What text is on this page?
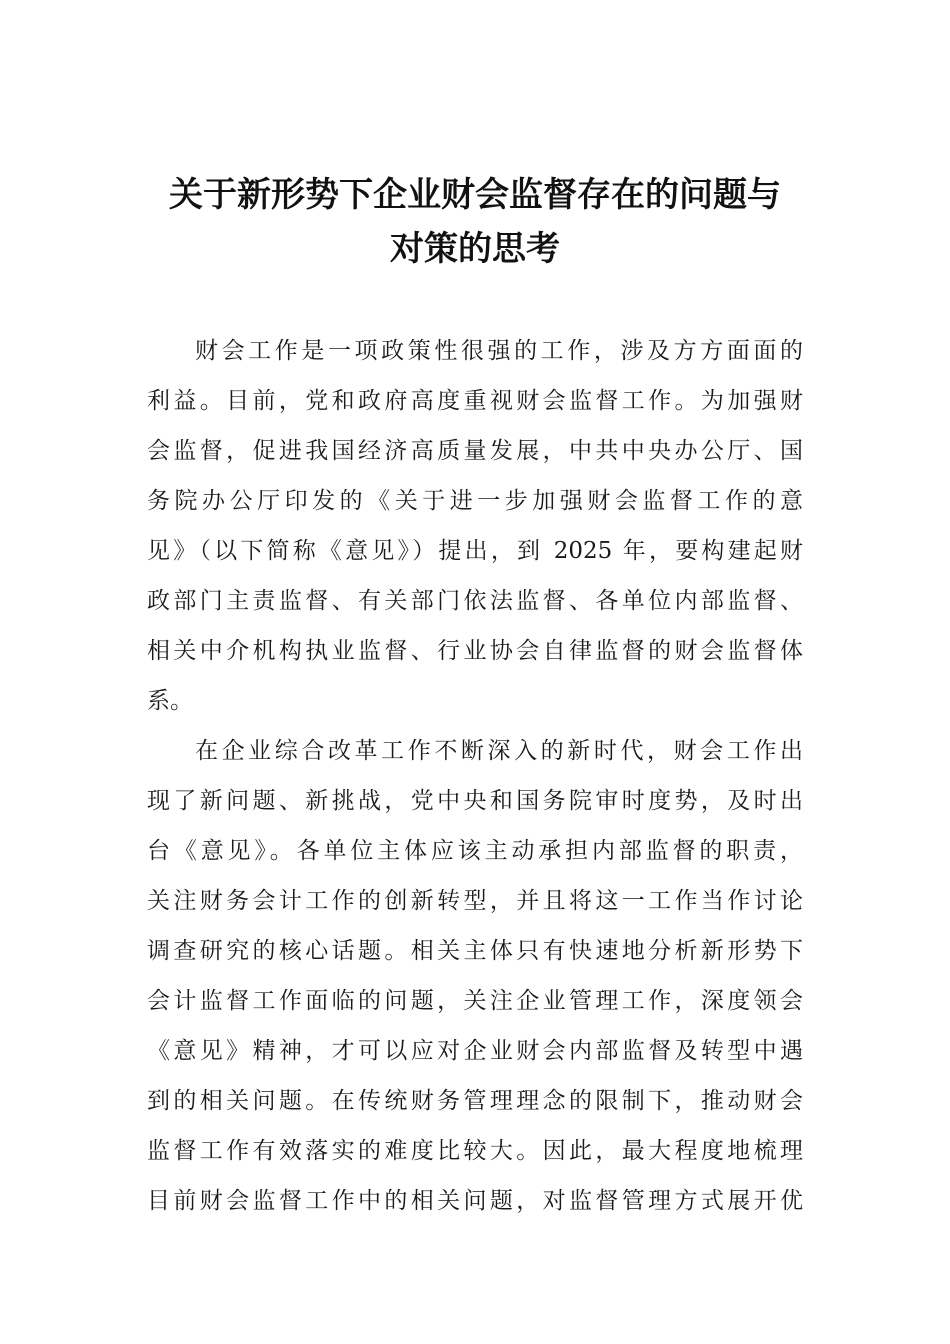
关于新形势下企业财会监督存在的问题与
对策的思考
财会工作是一项政策性很强的工作，涉及方方面面的
利益。目前，党和政府高度重视财会监督工作。为加强财
会监督，促进我国经济高质量发展，中共中央办公厅、国
务院办公厅印发的《关于进一步加强财会监督工作的意
见》（以下简称《意见》）提出，到 2025 年，要构建起财
政部门主责监督、有关部门依法监督、各单位内部监督、
相关中介机构执业监督、行业协会自律监督的财会监督体
系。
在企业综合改革工作不断深入的新时代，财会工作出
现了新问题、新挑战，党中央和国务院审时度势，及时出
台《意见》。各单位主体应该主动承担内部监督的职责，
关注财务会计工作的创新转型，并且将这一工作当作讨论
调查研究的核心话题。相关主体只有快速地分析新形势下
会计监督工作面临的问题，关注企业管理工作，深度领会
《意见》精神，才可以应对企业财会内部监督及转型中遇
到的相关问题。在传统财务管理理念的限制下，推动财会
监督工作有效落实的难度比较大。因此，最大程度地梳理
目前财会监督工作中的相关问题，对监督管理方式展开优
